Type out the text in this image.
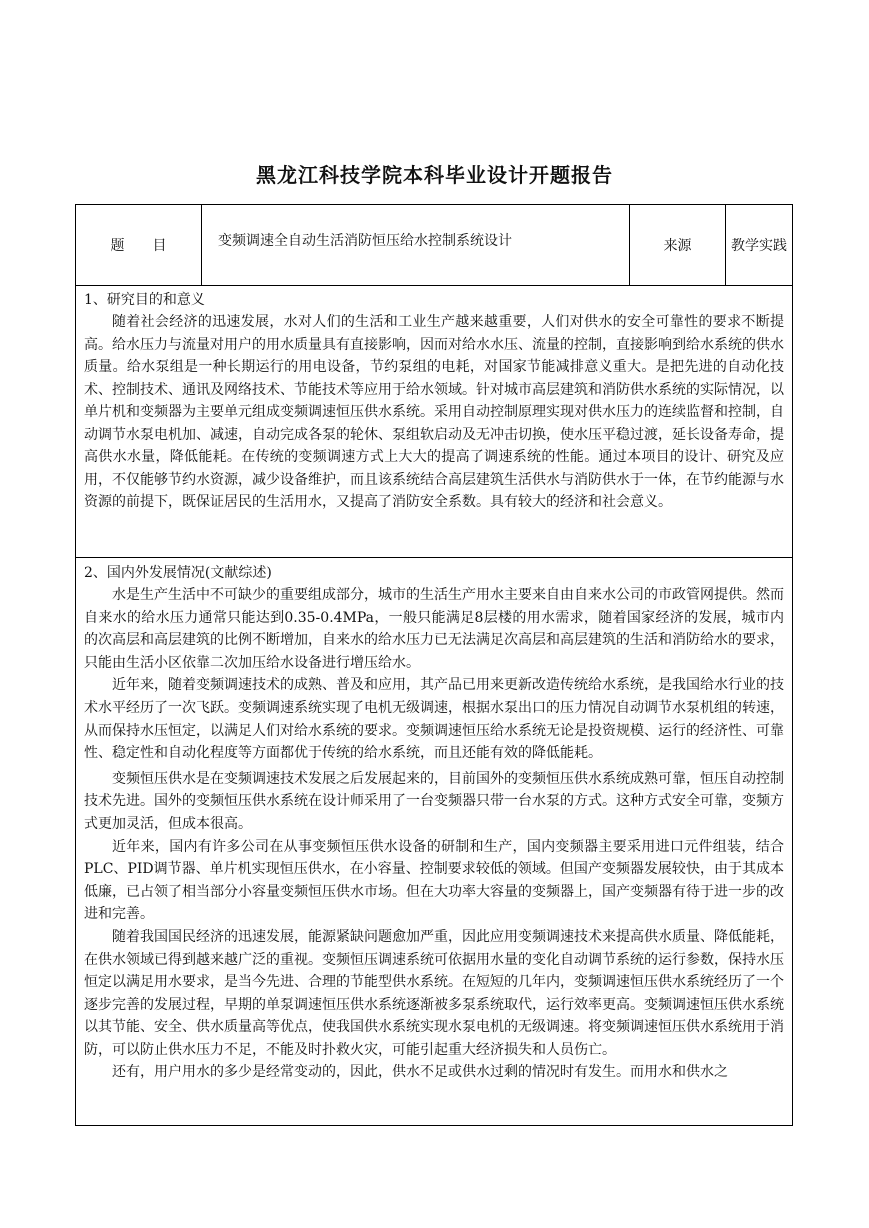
黑龙江科技学院本科毕业设计开题报告
题　　目	变频调速全自动生活消防恒压给水控制系统设计	来源	教学实践
1、研究目的和意义

随着社会经济的迅速发展，水对人们的生活和工业生产越来越重要，人们对供水的安全可靠性的要求不断提高。给水压力与流量对用户的用水质量具有直接影响，因而对给水水压、流量的控制，直接影响到给水系统的供水质量。给水泵组是一种长期运行的用电设备，节约泵组的电耗，对国家节能减排意义重大。是把先进的自动化技术、控制技术、通讯及网络技术、节能技术等应用于给水领域。针对城市高层建筑和消防供水系统的实际情况，以单片机和变频器为主要单元组成变频调速恒压供水系统。采用自动控制原理实现对供水压力的连续监督和控制，自动调节水泵电机加、减速，自动完成各泵的轮休、泵组软启动及无冲击切换，使水压平稳过渡，延长设备寿命，提高供水水量，降低能耗。在传统的变频调速方式上大大的提高了调速系统的性能。通过本项目的设计、研究及应用，不仅能够节约水资源，减少设备维护，而且该系统结合高层建筑生活供水与消防供水于一体，在节约能源与水资源的前提下，既保证居民的生活用水，又提高了消防安全系数。具有较大的经济和社会意义。

2、国内外发展情况(文献综述)

水是生产生活中不可缺少的重要组成部分，城市的生活生产用水主要来自由自来水公司的市政管网提供。然而自来水的给水压力通常只能达到0.35-0.4MPa，一般只能满足8层楼的用水需求，随着国家经济的发展，城市内的次高层和高层建筑的比例不断增加，自来水的给水压力已无法满足次高层和高层建筑的生活和消防给水的要求，只能由生活小区依靠二次加压给水设备进行增压给水。

近年来，随着变频调速技术的成熟、普及和应用，其产品已用来更新改造传统给水系统，是我国给水行业的技术水平经历了一次飞跃。变频调速系统实现了电机无级调速，根据水泵出口的压力情况自动调节水泵机组的转速，从而保持水压恒定，以满足人们对给水系统的要求。变频调速恒压给水系统无论是投资规模、运行的经济性、可靠性、稳定性和自动化程度等方面都优于传统的给水系统，而且还能有效的降低能耗。

变频恒压供水是在变频调速技术发展之后发展起来的，目前国外的变频恒压供水系统成熟可靠，恒压自动控制技术先进。国外的变频恒压供水系统在设计师采用了一台变频器只带一台水泵的方式。这种方式安全可靠，变频方式更加灵活，但成本很高。

近年来，国内有许多公司在从事变频恒压供水设备的研制和生产，国内变频器主要采用进口元件组装，结合PLC、PID调节器、单片机实现恒压供水，在小容量、控制要求较低的领域。但国产变频器发展较快，由于其成本低廉，已占领了相当部分小容量变频恒压供水市场。但在大功率大容量的变频器上，国产变频器有待于进一步的改进和完善。

随着我国国民经济的迅速发展，能源紧缺问题愈加严重，因此应用变频调速技术来提高供水质量、降低能耗，在供水领域已得到越来越广泛的重视。变频恒压调速系统可依据用水量的变化自动调节系统的运行参数，保持水压恒定以满足用水要求，是当今先进、合理的节能型供水系统。在短短的几年内，变频调速恒压供水系统经历了一个逐步完善的发展过程，早期的单泵调速恒压供水系统逐渐被多泵系统取代，运行效率更高。变频调速恒压供水系统以其节能、安全、供水质量高等优点，使我国供水系统实现水泵电机的无级调速。将变频调速恒压供水系统用于消防，可以防止供水压力不足，不能及时扑救火灾，可能引起重大经济损失和人员伤亡。

还有，用户用水的多少是经常变动的，因此，供水不足或供水过剩的情况时有发生。而用水和供水之
